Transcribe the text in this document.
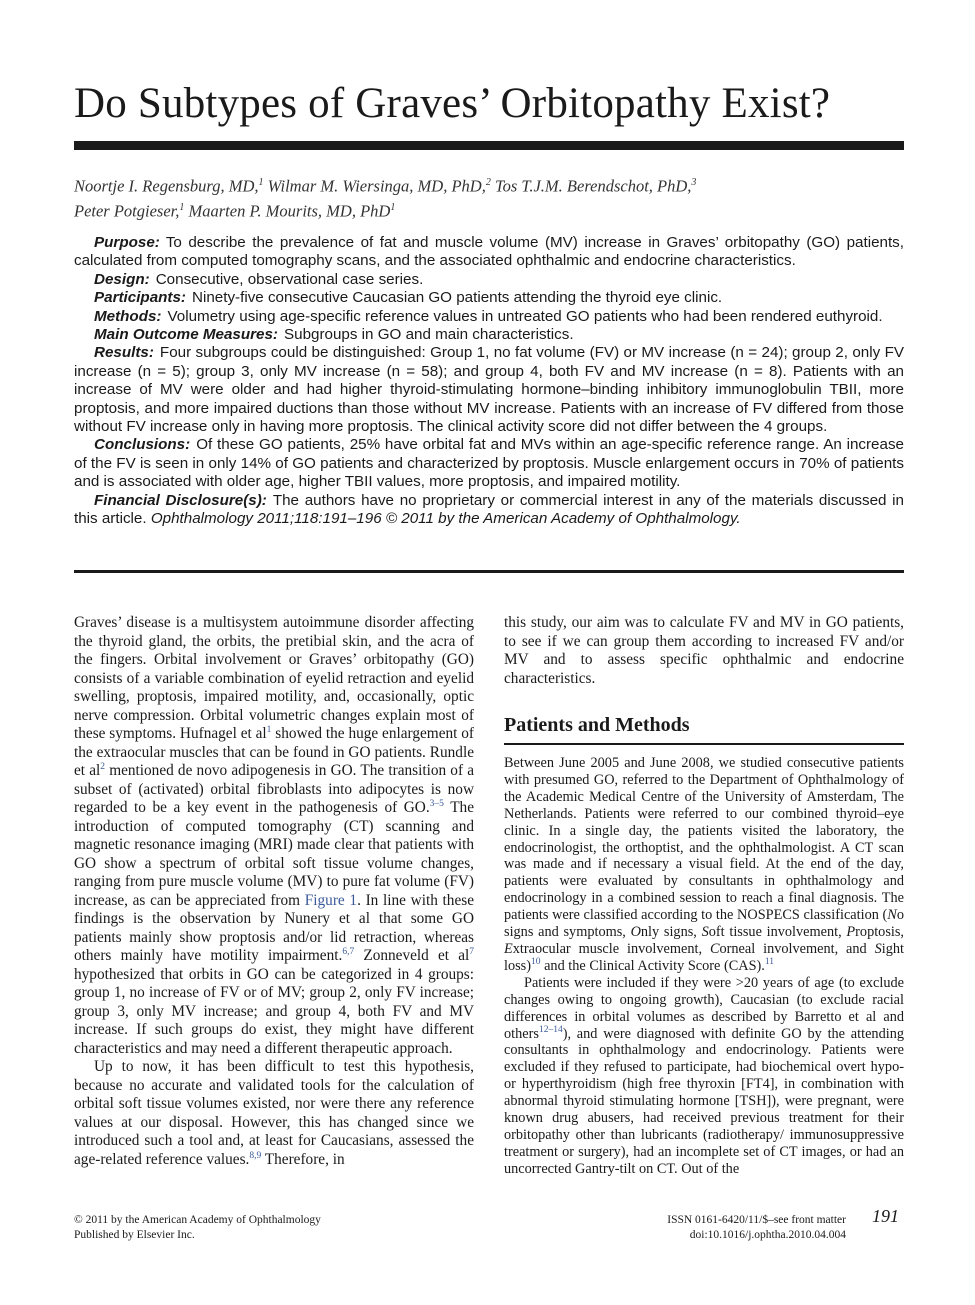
Do Subtypes of Graves’ Orbitopathy Exist?
Noortje I. Regensburg, MD,$^1$ Wilmar M. Wiersinga, MD, PhD,$^2$ Tos T.J.M. Berendschot, PhD,$^3$
Peter Potgieser,$^1$ Maarten P. Mourits, MD, PhD$^1$

Purpose: To describe the prevalence of fat and muscle volume (MV) increase in Graves’ orbitopathy (GO) patients, calculated from computed tomography scans, and the associated ophthalmic and endocrine characteristics.

Design: Consecutive, observational case series.

Participants: Ninety-five consecutive Caucasian GO patients attending the thyroid eye clinic.

Methods: Volumetry using age-specific reference values in untreated GO patients who had been rendered euthyroid.

Main Outcome Measures: Subgroups in GO and main characteristics.

Results: Four subgroups could be distinguished: Group 1, no fat volume (FV) or MV increase (n = 24); group 2, only FV increase (n = 5); group 3, only MV increase (n = 58); and group 4, both FV and MV increase (n = 8). Patients with an increase of MV were older and had higher thyroid-stimulating hormone–binding inhibitory immunoglobulin TBII, more proptosis, and more impaired ductions than those without MV increase. Patients with an increase of FV differed from those without FV increase only in having more proptosis. The clinical activity score did not differ between the 4 groups.

Conclusions: Of these GO patients, 25% have orbital fat and MVs within an age-specific reference range. An increase of the FV is seen in only 14% of GO patients and characterized by proptosis. Muscle enlargement occurs in 70% of patients and is associated with older age, higher TBII values, more proptosis, and impaired motility.

Financial Disclosure(s): The authors have no proprietary or commercial interest in any of the materials discussed in this article. Ophthalmology 2011;118:191–196 © 2011 by the American Academy of Ophthalmology.

Graves’ disease is a multisystem autoimmune disorder affecting the thyroid gland, the orbits, the pretibial skin, and the acra of the fingers. Orbital involvement or Graves’ orbitopathy (GO) consists of a variable combination of eyelid retraction and eyelid swelling, proptosis, impaired motility, and, occasionally, optic nerve compression. Orbital volumetric changes explain most of these symptoms. Hufnagel et $al^1$ showed the huge enlargement of the extraocular muscles that can be found in GO patients. Rundle et $al^2$ mentioned de novo adipogenesis in GO. The transition of a subset of (activated) orbital fibroblasts into adipocytes is now regarded to be a key event in the pathogenesis of GO.$^{3-5}$ The introduction of computed tomography (CT) scanning and magnetic resonance imaging (MRI) made clear that patients with GO show a spectrum of orbital soft tissue volume changes, ranging from pure muscle volume (MV) to pure fat volume (FV) increase, as can be appreciated from Figure 1. In line with these findings is the observation by Nunery et al that some GO patients mainly show proptosis and/or lid retraction, whereas others mainly have motility impairment.$^{6,7}$ Zonneveld et $al^7$ hypothesized that orbits in GO can be categorized in 4 groups: group 1, no increase of FV or of MV; group 2, only FV increase; group 3, only MV increase; and group 4, both FV and MV increase. If such groups do exist, they might have different characteristics and may need a different therapeutic approach.

Up to now, it has been difficult to test this hypothesis, because no accurate and validated tools for the calculation of orbital soft tissue volumes existed, nor were there any reference values at our disposal. However, this has changed since we introduced such a tool and, at least for Caucasians, assessed the age-related reference values.$^{8,9}$ Therefore, in

this study, our aim was to calculate FV and MV in GO patients, to see if we can group them according to increased FV and/or MV and to assess specific ophthalmic and endocrine characteristics.

Patients and Methods

Between June 2005 and June 2008, we studied consecutive patients with presumed GO, referred to the Department of Ophthalmology of the Academic Medical Centre of the University of Amsterdam, The Netherlands. Patients were referred to our combined thyroid–eye clinic. In a single day, the patients visited the laboratory, the endocrinologist, the orthoptist, and the ophthalmologist. A CT scan was made and if necessary a visual field. At the end of the day, patients were evaluated by consultants in ophthalmology and endocrinology in a combined session to reach a final diagnosis. The patients were classified according to the NOSPECS classification (No signs and symptoms, Only signs, Soft tissue involvement, Proptosis, Extraocular muscle involvement, Corneal involvement, and Sight loss)$^{10}$ and the Clinical Activity Score (CAS).$^{11}$

Patients were included if they were >20 years of age (to exclude changes owing to ongoing growth), Caucasian (to exclude racial differences in orbital volumes as described by Barretto et al and others$^{12-14}$), and were diagnosed with definite GO by the attending consultants in ophthalmology and endocrinology. Patients were excluded if they refused to participate, had biochemical overt hypo- or hyperthyroidism (high free thyroxin [FT4], in combination with abnormal thyroid stimulating hormone [TSH]), were pregnant, were known drug abusers, had received previous treatment for their orbitopathy other than lubricants (radiotherapy/ immunosuppressive treatment or surgery), had an incomplete set of CT images, or had an uncorrected Gantry-tilt on CT. Out of the

© 2011 by the American Academy of Ophthalmology
Published by Elsevier Inc.
ISSN 0161-6420/11/$–see front matter
doi:10.1016/j.ophtha.2010.04.004
191
